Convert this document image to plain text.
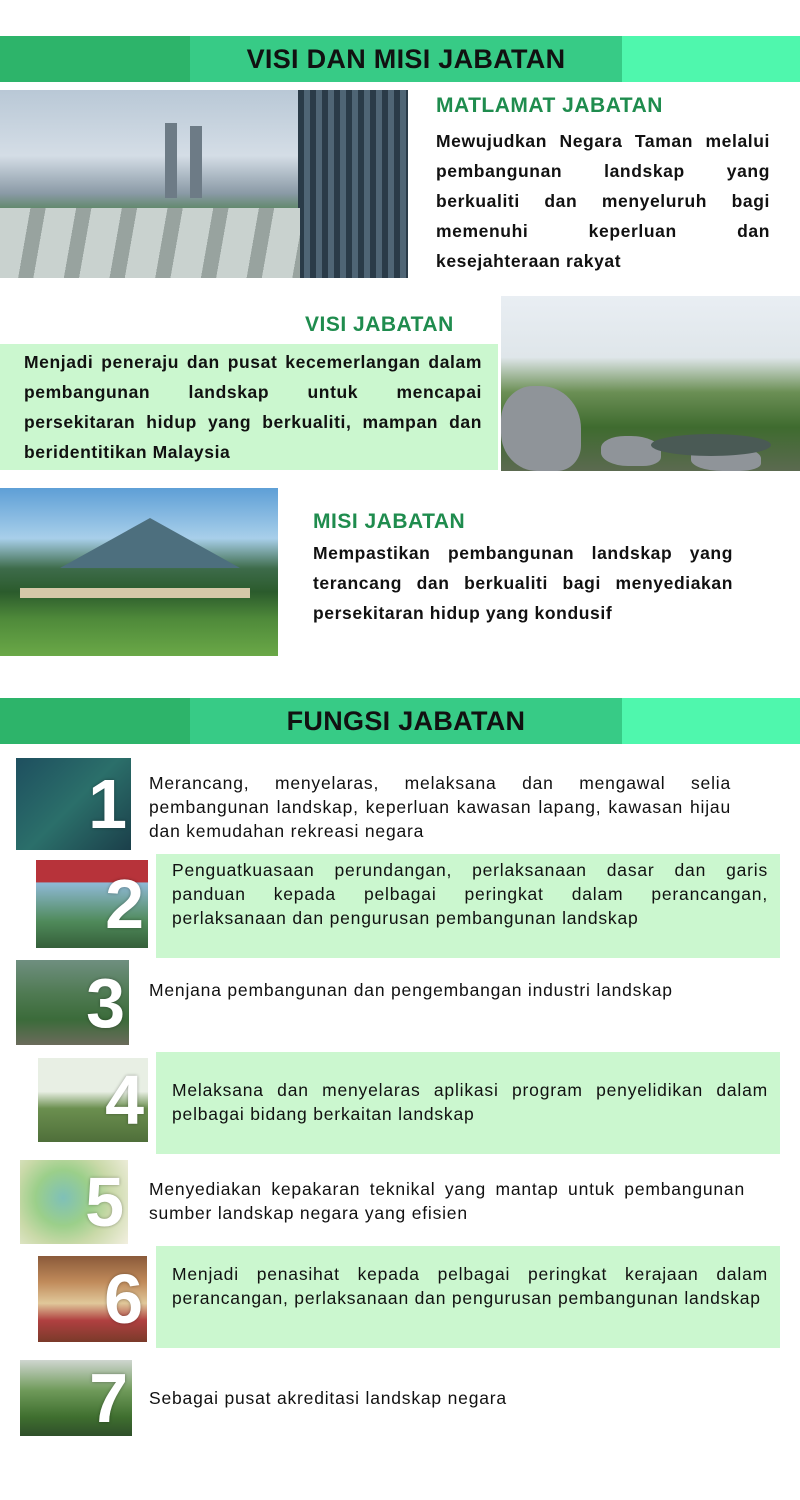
VISI DAN MISI JABATAN
MATLAMAT JABATAN
Mewujudkan Negara Taman melalui pembangunan landskap yang berkualiti dan menyeluruh bagi memenuhi keperluan dan kesejahteraan rakyat
VISI JABATAN
Menjadi peneraju dan pusat kecemerlangan dalam pembangunan landskap untuk mencapai persekitaran hidup yang berkualiti, mampan dan beridentitikan Malaysia
MISI JABATAN
Mempastikan pembangunan landskap yang terancang dan berkualiti bagi menyediakan persekitaran hidup yang kondusif
FUNGSI JABATAN
1 Merancang, menyelaras, melaksana dan mengawal selia pembangunan landskap, keperluan kawasan lapang, kawasan hijau dan kemudahan rekreasi negara
2 Penguatkuasaan perundangan, perlaksanaan dasar dan garis panduan kepada pelbagai peringkat dalam perancangan, perlaksanaan dan pengurusan pembangunan landskap
3 Menjana pembangunan dan pengembangan industri landskap
4 Melaksana dan menyelaras aplikasi program penyelidikan dalam pelbagai bidang berkaitan landskap
5 Menyediakan kepakaran teknikal yang mantap untuk pembangunan sumber landskap negara yang efisien
6 Menjadi penasihat kepada pelbagai peringkat kerajaan dalam perancangan, perlaksanaan dan pengurusan pembangunan landskap
7 Sebagai pusat akreditasi landskap negara
